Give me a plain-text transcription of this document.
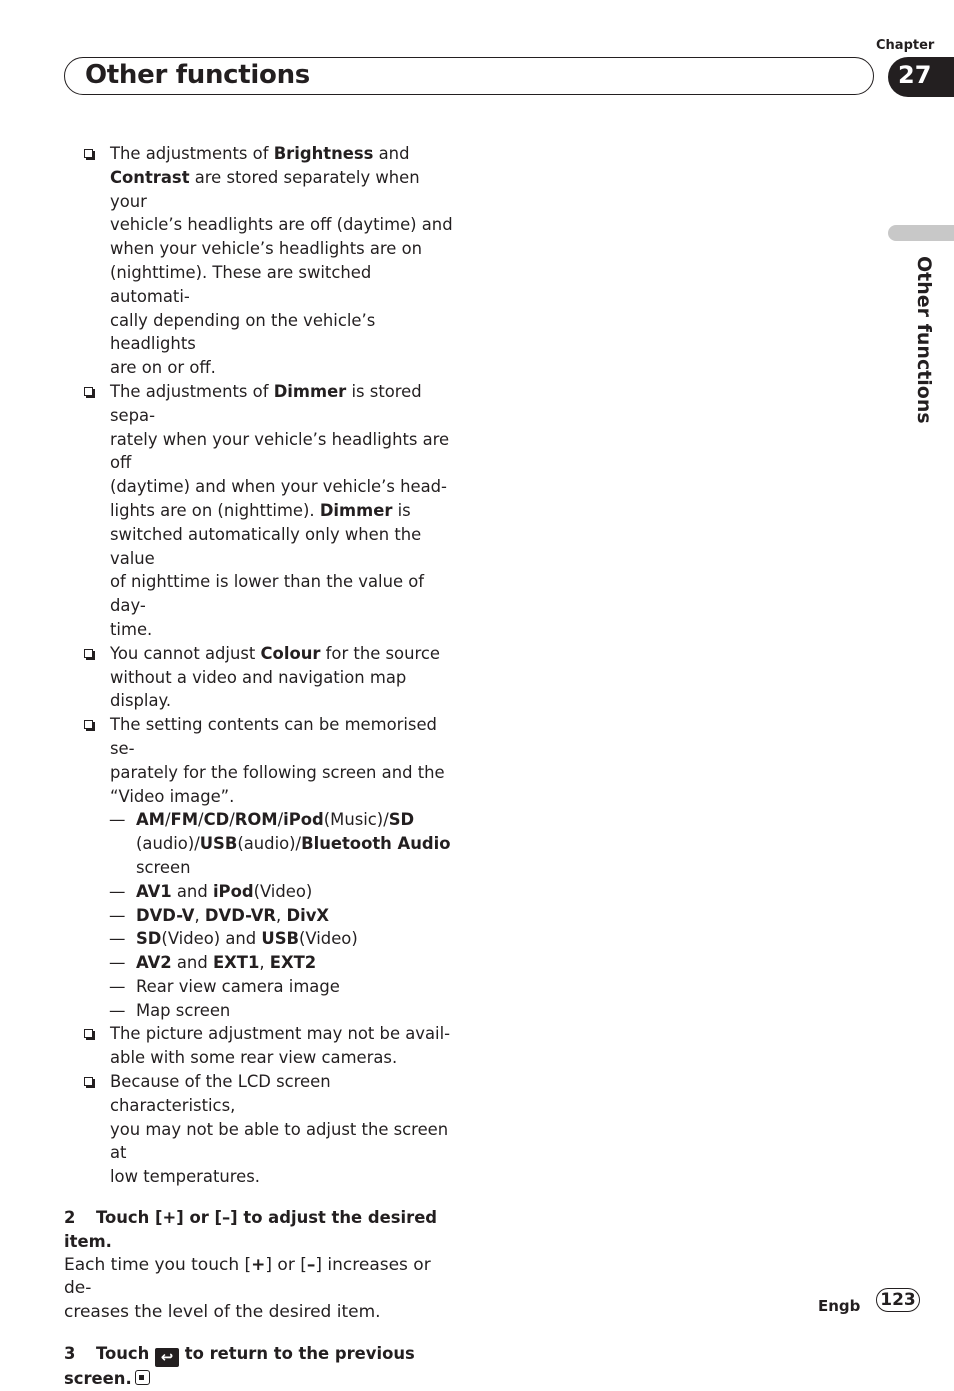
Chapter
Other functions	27
Other functions
The adjustments of Brightness and
Contrast are stored separately when your
vehicle’s headlights are off (daytime) and
when your vehicle’s headlights are on
(nighttime). These are switched automati-
cally depending on the vehicle’s headlights
are on or off.
The adjustments of Dimmer is stored sepa-
rately when your vehicle’s headlights are off
(daytime) and when your vehicle’s head-
lights are on (nighttime). Dimmer is
switched automatically only when the value
of nighttime is lower than the value of day-
time.
You cannot adjust Colour for the source
without a video and navigation map display.
The setting contents can be memorised se-
parately for the following screen and the
“Video image”.
— AM/FM/CD/ROM/iPod(Music)/SD
(audio)/USB(audio)/Bluetooth Audio
screen
— AV1 and iPod(Video)
— DVD-V, DVD-VR, DivX
— SD(Video) and USB(Video)
— AV2 and EXT1, EXT2
— Rear view camera image
— Map screen
The picture adjustment may not be avail-
able with some rear view cameras.
Because of the LCD screen characteristics,
you may not be able to adjust the screen at
low temperatures.
2 Touch [+] or [–] to adjust the desired
item.
Each time you touch [+] or [–] increases or de-
creases the level of the desired item.
3 Touch ↩ to return to the previous
screen.
Engb 123
